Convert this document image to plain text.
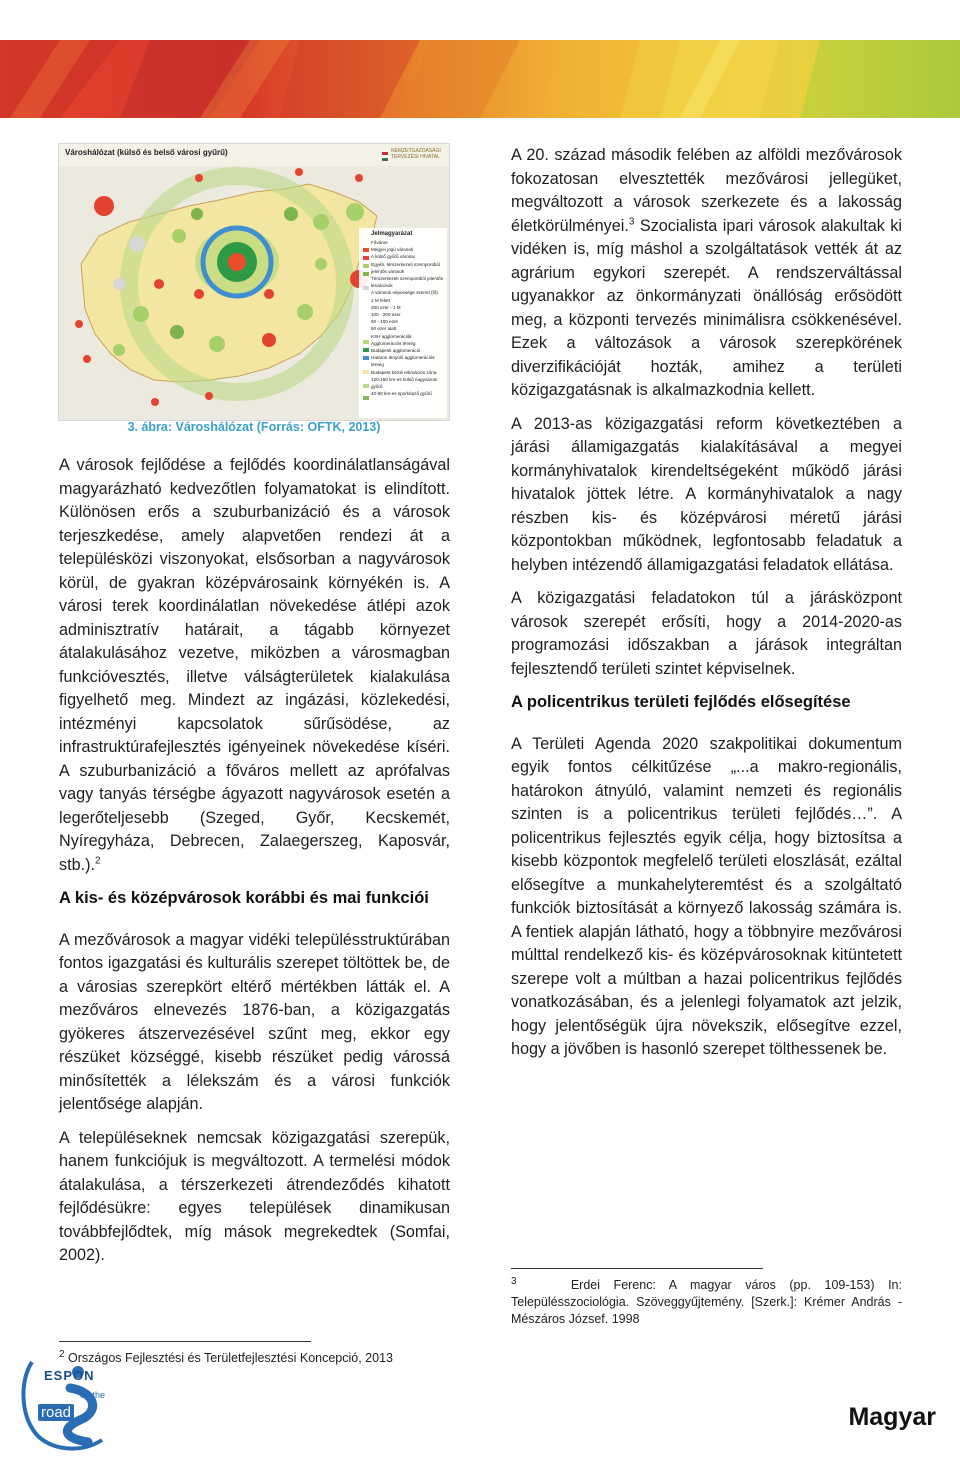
Városhálózat (külső és belső városi gyűrű)	NEMZETGAZDASÁGI TERVEZÉSI HIVATAL
Jelmagyarázat
Főváros
Megyei jogú városok
A külső gyűrű városai
Egyéb, térszerkezeti szempontból jelentős városok
Térszerkezeti szempontból jelentős kisvárosok
A városok népessége szerint (fő)
1 M felett
200 ezer - 1 M
100 - 200 ezer
50 - 100 ezer
50 ezer alatt
KSH agglomerációk
Agglomerációs térség
Budapesti agglomeráció
Határon átnyúló agglomerációs térség
Budapest körüli rekreációs zóna
120-150 km-es külső nagyvárosi gyűrű
40-80 km-es sporképző gyűrű
3. ábra: Városhálózat (Forrás: OFTK, 2013)

A városok fejlődése a fejlődés koordinálatlanságával magyarázható kedvezőtlen folyamatokat is elindított. Különösen erős a szuburbanizáció és a városok terjeszkedése, amely alapvetően rendezi át a településközi viszonyokat, elsősorban a nagyvárosok körül, de gyakran középvárosaink környékén is. A városi terek koordinálatlan növekedése átlépi azok adminisztratív határait, a tágabb környezet átalakulásához vezetve, miközben a városmagban funkcióvesztés, illetve válságterületek kialakulása figyelhető meg. Mindezt az ingázási, közlekedési, intézményi kapcsolatok sűrűsödése, az infrastruktúrafejlesztés igényeinek növekedése kíséri. A szuburbanizáció a főváros mellett az aprófalvas vagy tanyás térségbe ágyazott nagyvárosok esetén a legerőteljesebb (Szeged, Győr, Kecskemét, Nyíregyháza, Debrecen, Zalaegerszeg, Kaposvár, stb.).$^2$

A kis- és középvárosok korábbi és mai funkciói

A mezővárosok a magyar vidéki településstruktúrában fontos igazgatási és kulturális szerepet töltöttek be, de a városias szerepkört eltérő mértékben látták el. A mezőváros elnevezés 1876-ban, a közigazgatás gyökeres átszervezésével szűnt meg, ekkor egy részüket községgé, kisebb részüket pedig várossá minősítették a lélekszám és a városi funkciók jelentősége alapján.

A településeknek nemcsak közigazgatási szerepük, hanem funkciójuk is megváltozott. A termelési módok átalakulása, a térszerkezeti átrendeződés kihatott fejlődésükre: egyes települések dinamikusan továbbfejlődtek, míg mások megrekedtek (Somfai, 2002).

$^2$ Országos Fejlesztési és Területfejlesztési Koncepció, 2013

A 20. század második felében az alföldi mezővárosok fokozatosan elvesztették mezővárosi jellegüket, megváltozott a városok szerkezete és a lakosság életkörülményei.$^3$ Szocialista ipari városok alakultak ki vidéken is, míg máshol a szolgáltatások vették át az agrárium egykori szerepét. A rendszerváltással ugyanakkor az önkormányzati önállóság erősödött meg, a központi tervezés minimálisra csökkenésével. Ezek a változások a városok szerepkörének diverzifikációját hozták, amihez a területi közigazgatásnak is alkalmazkodnia kellett.

A 2013-as közigazgatási reform következtében a járási államigazgatás kialakításával a megyei kormányhivatalok kirendeltségeként működő járási hivatalok jöttek létre. A kormányhivatalok a nagy részben kis- és középvárosi méretű járási központokban működnek, legfontosabb feladatuk a helyben intézendő államigazgatási feladatok ellátása.

A közigazgatási feladatokon túl a járásközpont városok szerepét erősíti, hogy a 2014-2020-as programozási időszakban a járások integráltan fejlesztendő területi szintet képviselnek.

A policentrikus területi fejlődés elősegítése

A Területi Agenda 2020 szakpolitikai dokumentum egyik fontos célkitűzése „...a makro-regionális, határokon átnyúló, valamint nemzeti és regionális szinten is a policentrikus területi fejlődés…”. A policentrikus fejlesztés egyik célja, hogy biztosítsa a kisebb központok megfelelő területi eloszlását, ezáltal elősegítve a munkahelyteremtést és a szolgáltató funkciók biztosítását a környező lakosság számára is. A fentiek alapján látható, hogy a többnyire mezővárosi múlttal rendelkező kis- és középvárosoknak kitüntetett szerepe volt a múltban a hazai policentrikus fejlődés vonatkozásában, és a jelenlegi folyamatok azt jelzik, hogy jelentőségük újra növekszik, elősegítve ezzel, hogy a jövőben is hasonló szerepet tölthessenek be.

$^3$	Erdei Ferenc: A magyar város (pp. 109-153) In: Településszociológia. Szöveggyűjtemény. [Szerk.]: Krémer András - Mészáros József. 1998
ESPON
on the
road	Magyar
